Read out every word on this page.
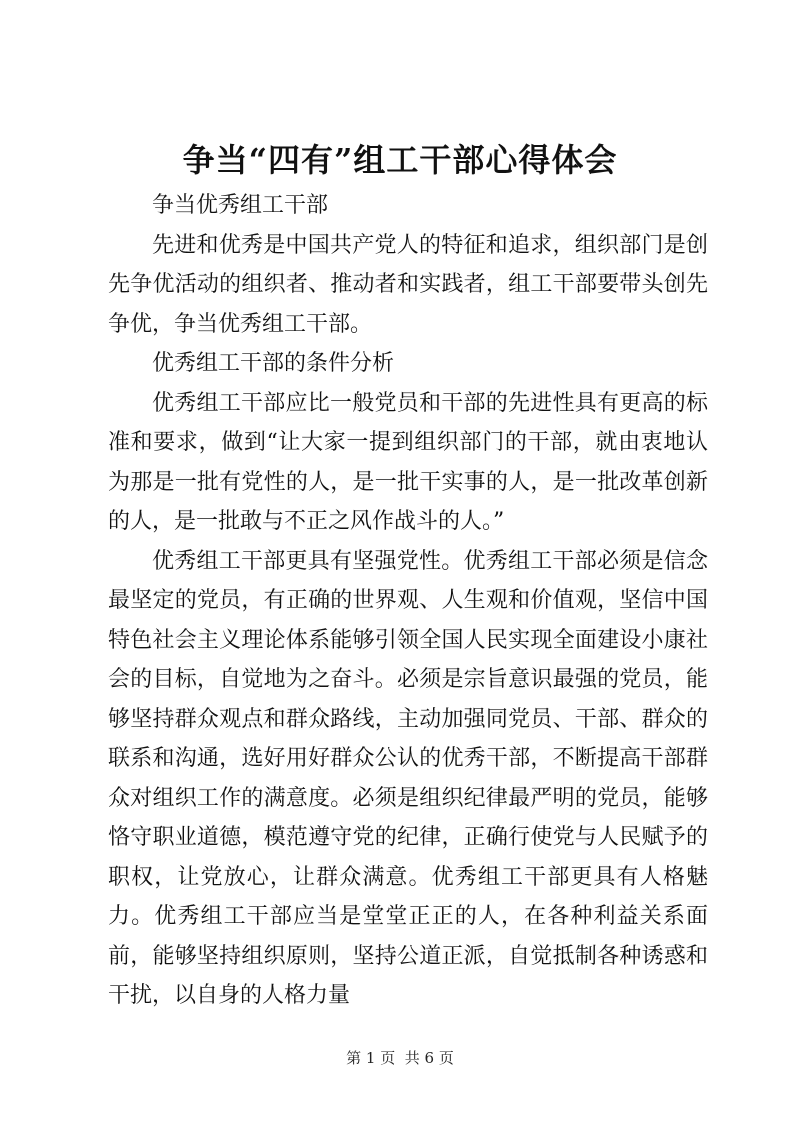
争当“四有”组工干部心得体会

争当优秀组工干部

先进和优秀是中国共产党人的特征和追求，组织部门是创先争优活动的组织者、推动者和实践者，组工干部要带头创先争优，争当优秀组工干部。

优秀组工干部的条件分析

优秀组工干部应比一般党员和干部的先进性具有更高的标准和要求，做到“让大家一提到组织部门的干部，就由衷地认为那是一批有党性的人，是一批干实事的人，是一批改革创新的人，是一批敢与不正之风作战斗的人。”

优秀组工干部更具有坚强党性。优秀组工干部必须是信念最坚定的党员，有正确的世界观、人生观和价值观，坚信中国特色社会主义理论体系能够引领全国人民实现全面建设小康社会的目标，自觉地为之奋斗。必须是宗旨意识最强的党员，能够坚持群众观点和群众路线，主动加强同党员、干部、群众的联系和沟通，选好用好群众公认的优秀干部，不断提高干部群众对组织工作的满意度。必须是组织纪律最严明的党员，能够恪守职业道德，模范遵守党的纪律，正确行使党与人民赋予的职权，让党放心，让群众满意。优秀组工干部更具有人格魅力。优秀组工干部应当是堂堂正正的人，在各种利益关系面前，能够坚持组织原则，坚持公道正派，自觉抵制各种诱惑和干扰，以自身的人格力量

第 1 页  共 6 页
